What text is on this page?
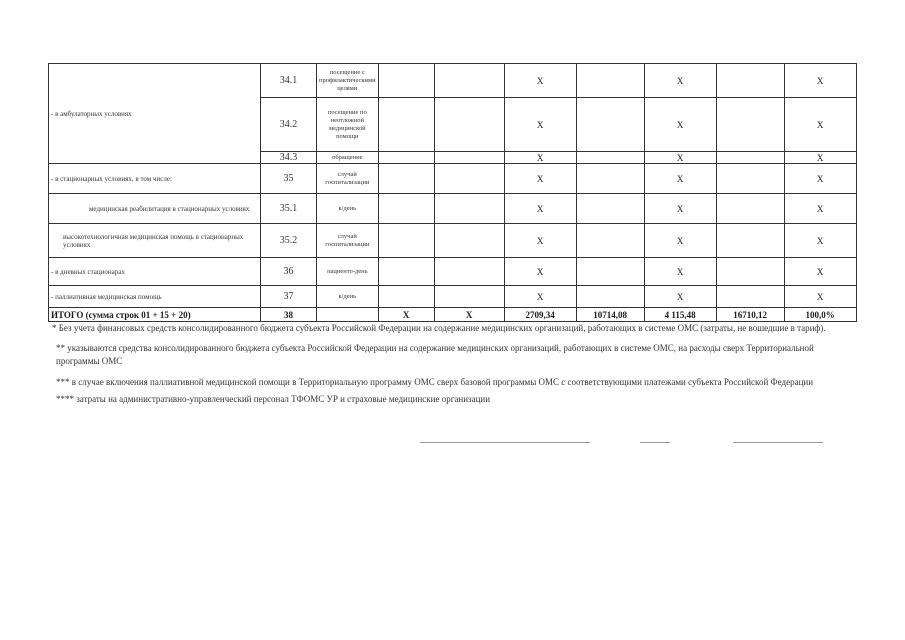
- в амбулаторных условиях	34.1	посещение с профилактическими целями			X		X		X
	34.2	посещение по неотложной медицинской помощи			X		X		X
	34.3	обращение			X		X		X
- в стационарных условиях, в том числе:	35	случай госпитализации			X		X		X
медицинская реабилитация в стационарных условиях	35.1	к/день			X		X		X
высокотехнологичная медицинская помощь в стационарных условиях	35.2	случай госпитализации			X		X		X
- в дневных стационарах	36	пациенто-день			X		X		X
- паллиативная медицинская помощь	37	к/день			X		X		X
ИТОГО (сумма строк 01 + 15 + 20)	38		X	X	2709,34	10714,08	4 115,48	16710,12	100,0%
* Без учета финансовых средств консолидированного бюджета субъекта Российской Федерации на содержание медицинских организаций, работающих в системе ОМС (затраты, не вошедшие в тариф).
** указываются средства консолидированного бюджета субъекта Российской Федерации на содержание медицинских организаций, работающих в системе ОМС, на расходы сверх Территориальной программы ОМС
*** в случае включения паллиативной медицинской помощи в Территориальную программу ОМС сверх базовой программы ОМС с соответствующими платежами субъекта Российской Федерации
**** затраты на административно-управленческий персонал ТФОМС УР и страховые медицинские организации
